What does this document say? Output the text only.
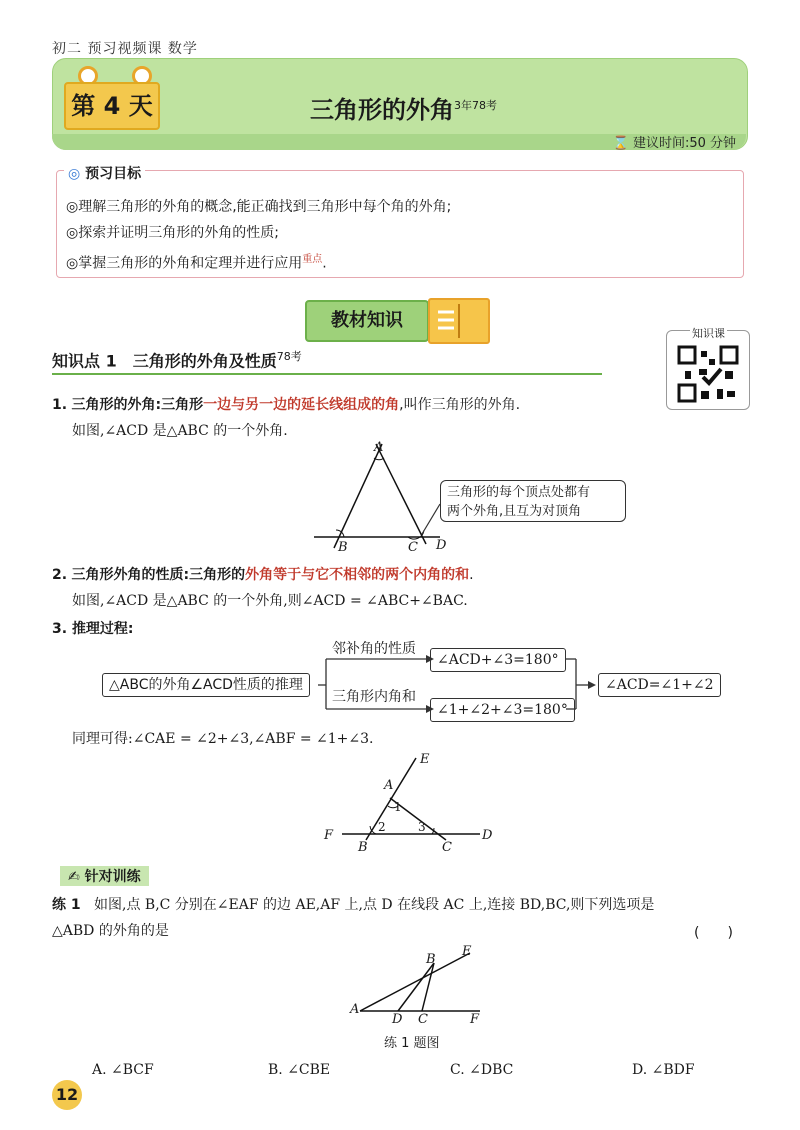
初二 预习视频课 数学
第 4 天	三角形的外角$^{3年78考}$
⌛ 建议时间:50 分钟
◎ 预习目标
◎理解三角形的外角的概念,能正确找到三角形中每个角的外角;
◎探索并证明三角形的外角的性质;
◎掌握三角形的外角和定理并进行应用$^{重点}$.
教材知识
知识点 1　三角形的外角及性质$^{78考}$
知识课
1. 三角形的外角:三角形一边与另一边的延长线组成的角,叫作三角形的外角.
如图,∠ACD 是△ABC 的一个外角.
A
B	C D
三角形的每个顶点处都有
两个外角,且互为对顶角
2. 三角形外角的性质:三角形的外角等于与它不相邻的两个内角的和.
如图,∠ACD 是△ABC 的一个外角,则∠ACD = ∠ABC+∠BAC.
3. 推理过程:
△ABC的外角∠ACD性质的推理
邻补角的性质
∠ACD+∠3=180°
三角形内角和
∠1+∠2+∠3=180°
∠ACD=∠1+∠2
同理可得:∠CAE = ∠2+∠3,∠ABF = ∠1+∠3.
E
A
F
B	C
D
1
2	3
✍ 针对训练
练 1 如图,点 B,C 分别在∠EAF 的边 AE,AF 上,点 D 在线段 AC 上,连接 BD,BC,则下列选项是
△ABD 的外角的是	(　　)
B
E
A
D C	F
练 1 题图
A. ∠BCF	B. ∠CBE	C. ∠DBC	D. ∠BDF
12
